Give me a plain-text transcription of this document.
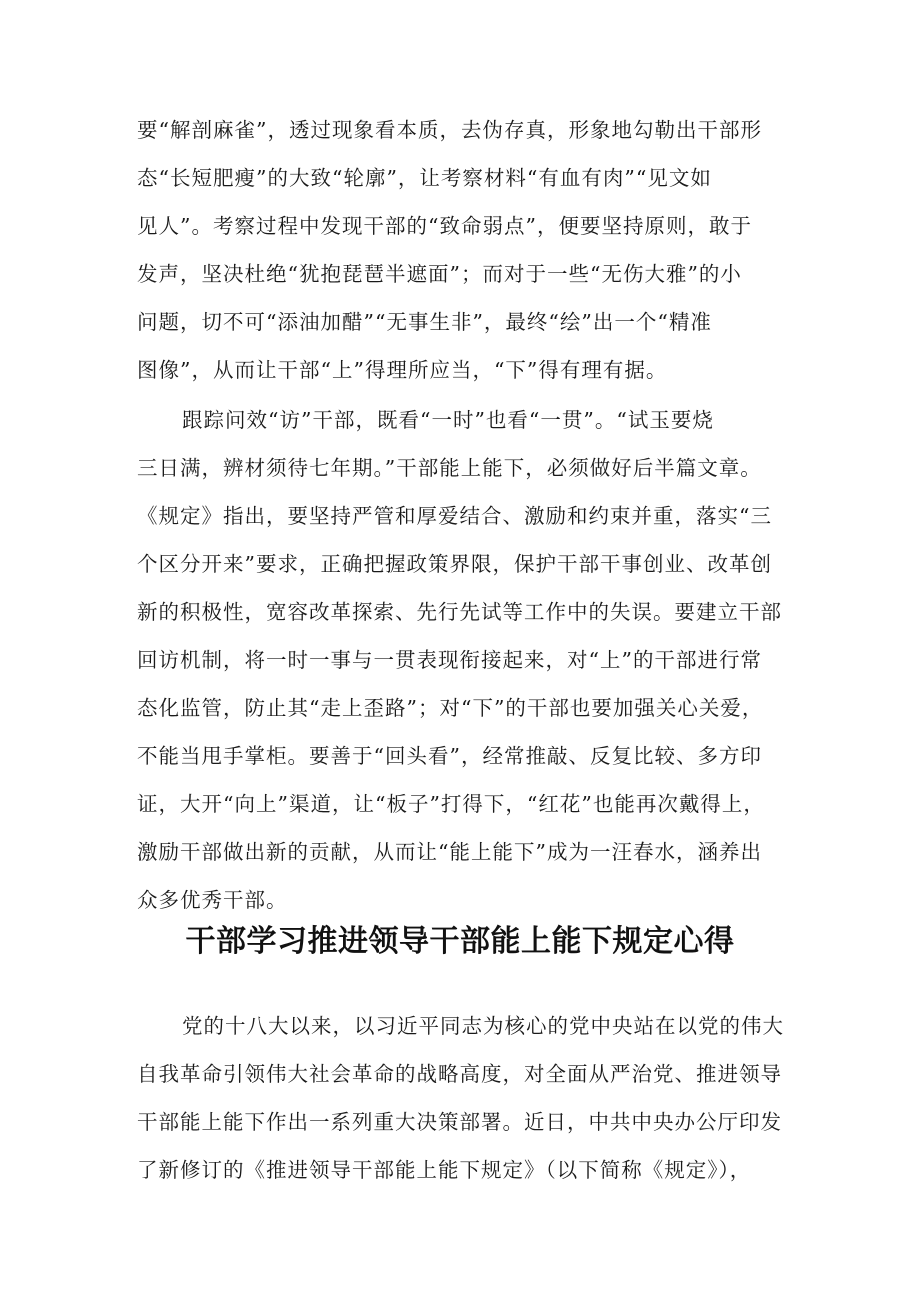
要“解剖麻雀”，透过现象看本质，去伪存真，形象地勾勒出干部形
态“长短肥瘦”的大致“轮廓”，让考察材料“有血有肉”“见文如
见人”。考察过程中发现干部的“致命弱点”，便要坚持原则，敢于
发声，坚决杜绝“犹抱琵琶半遮面”；而对于一些“无伤大雅”的小
问题，切不可“添油加醋”“无事生非”，最终“绘”出一个“精准
图像”，从而让干部“上”得理所应当，“下”得有理有据。
跟踪问效“访”干部，既看“一时”也看“一贯”。“试玉要烧
三日满，辨材须待七年期。”干部能上能下，必须做好后半篇文章。
《规定》指出，要坚持严管和厚爱结合、激励和约束并重，落实“三
个区分开来”要求，正确把握政策界限，保护干部干事创业、改革创
新的积极性，宽容改革探索、先行先试等工作中的失误。要建立干部
回访机制，将一时一事与一贯表现衔接起来，对“上”的干部进行常
态化监管，防止其“走上歪路”；对“下”的干部也要加强关心关爱，
不能当甩手掌柜。要善于“回头看”，经常推敲、反复比较、多方印
证，大开“向上”渠道，让“板子”打得下，“红花”也能再次戴得上，
激励干部做出新的贡献，从而让“能上能下”成为一汪春水，涵养出
众多优秀干部。
干部学习推进领导干部能上能下规定心得
党的十八大以来，以习近平同志为核心的党中央站在以党的伟大
自我革命引领伟大社会革命的战略高度，对全面从严治党、推进领导
干部能上能下作出一系列重大决策部署。近日，中共中央办公厅印发
了新修订的《推进领导干部能上能下规定》（以下简称《规定》），
